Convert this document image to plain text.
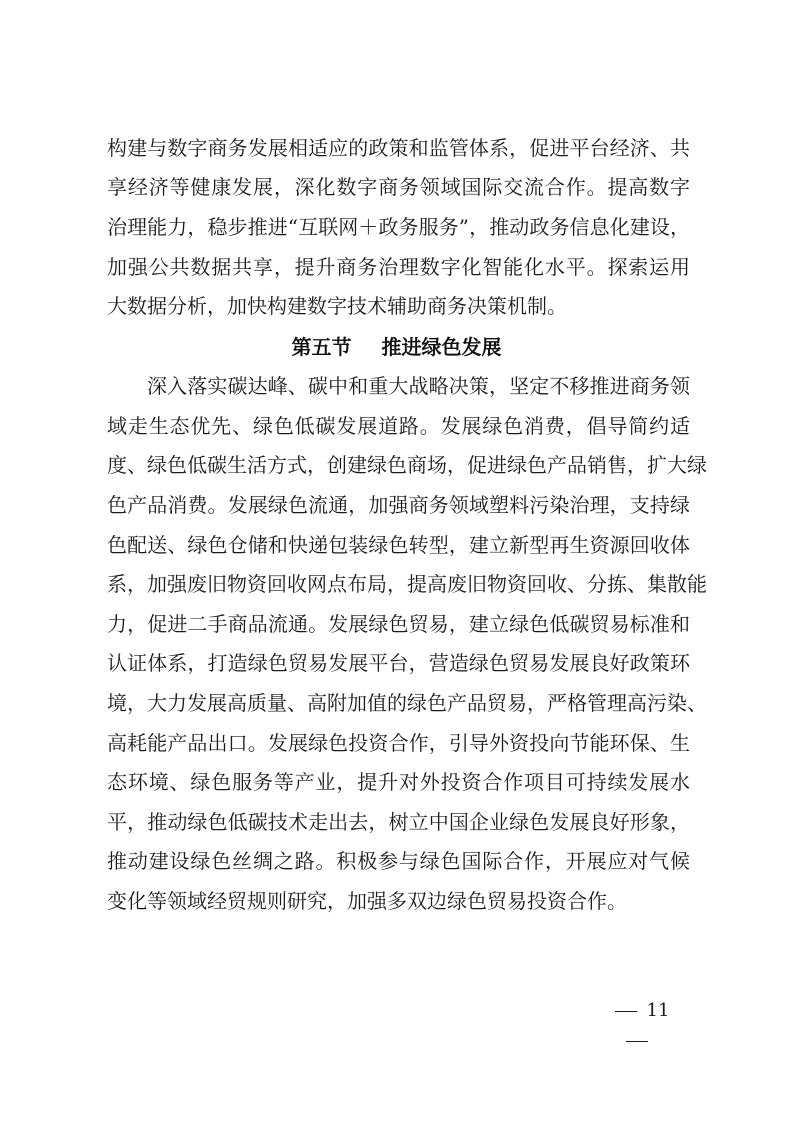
构建与数字商务发展相适应的政策和监管体系，促进平台经济、共
享经济等健康发展，深化数字商务领域国际交流合作。提高数字
治理能力，稳步推进“互联网＋政务服务”，推动政务信息化建设，
加强公共数据共享，提升商务治理数字化智能化水平。探索运用
大数据分析，加快构建数字技术辅助商务决策机制。
第五节 推进绿色发展
深入落实碳达峰、碳中和重大战略决策，坚定不移推进商务领
域走生态优先、绿色低碳发展道路。发展绿色消费，倡导简约适
度、绿色低碳生活方式，创建绿色商场，促进绿色产品销售，扩大绿
色产品消费。发展绿色流通，加强商务领域塑料污染治理，支持绿
色配送、绿色仓储和快递包装绿色转型，建立新型再生资源回收体
系，加强废旧物资回收网点布局，提高废旧物资回收、分拣、集散能
力，促进二手商品流通。发展绿色贸易，建立绿色低碳贸易标准和
认证体系，打造绿色贸易发展平台，营造绿色贸易发展良好政策环
境，大力发展高质量、高附加值的绿色产品贸易，严格管理高污染、
高耗能产品出口。发展绿色投资合作，引导外资投向节能环保、生
态环境、绿色服务等产业，提升对外投资合作项目可持续发展水
平，推动绿色低碳技术走出去，树立中国企业绿色发展良好形象，
推动建设绿色丝绸之路。积极参与绿色国际合作，开展应对气候
变化等领域经贸规则研究，加强多双边绿色贸易投资合作。
11
